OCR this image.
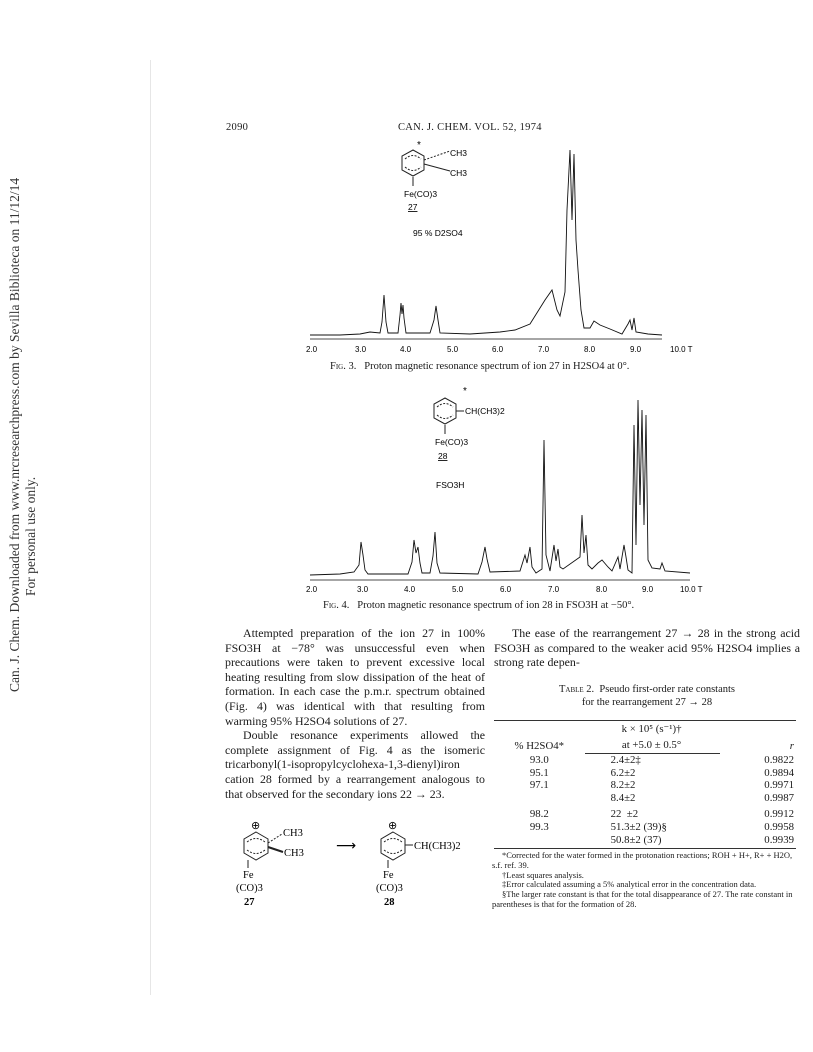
Can. J. Chem. Downloaded from www.nrcresearchpress.com by Sevilla Biblioteca on 11/12/14 For personal use only.
2090	CAN. J. CHEM. VOL. 52, 1974
*
CH3
CH3
Fe(CO)3
27
95 % D2SO4
2.0	3.0	4.0	5.0	6.0	7.0	8.0	9.0	10.0 T
Fig. 3. Proton magnetic resonance spectrum of ion 27 in H2SO4 at 0°.
*
CH(CH3)2
Fe(CO)3
28
FSO3H
2.0	3.0	4.0	5.0	6.0	7.0	8.0	9.0	10.0 T
Fig. 4. Proton magnetic resonance spectrum of ion 28 in FSO3H at −50°.

Attempted preparation of the ion 27 in 100% FSO3H at −78° was unsuccessful even when precautions were taken to prevent excessive local heating resulting from slow dissipation of the heat of formation. In each case the p.m.r. spectrum obtained (Fig. 4) was identical with that resulting from warming 95% H2SO4 solutions of 27.

Double resonance experiments allowed the complete assignment of Fig. 4 as the isomeric tricarbonyl(1-isopropylcyclohexa-1,3-dienyl)iron cation 28 formed by a rearrangement analogous to that observed for the secondary ions 22 → 23.

⊕
CH3
CH3
Fe
(CO)3
27
⟶
⊕
CH(CH3)2
Fe
(CO)3
28

The ease of the rearrangement 27 → 28 in the strong acid FSO3H as compared to the weaker acid 95% H2SO4 implies a strong rate depen-

Table 2. Pseudo first-order rate constants
for the rearrangement 27 → 28
% H2SO4*	k × 10⁵ (s⁻¹)†	r
	at +5.0 ± 0.5°	
93.0	2.4±2‡	0.9822
95.1	6.2±2	0.9894
97.1	8.2±2	0.9971
	8.4±2	0.9987
98.2	22  ±2	0.9912
99.3	51.3±2 (39)§	0.9958
	50.8±2 (37)	0.9939
*Corrected for the water formed in the protonation reactions; ROH + H+, R+ + H2O, s.f. ref. 39.
†Least squares analysis.
‡Error calculated assuming a 5% analytical error in the concentration data.
§The larger rate constant is that for the total disappearance of 27. The rate constant in parentheses is that for the formation of 28.
